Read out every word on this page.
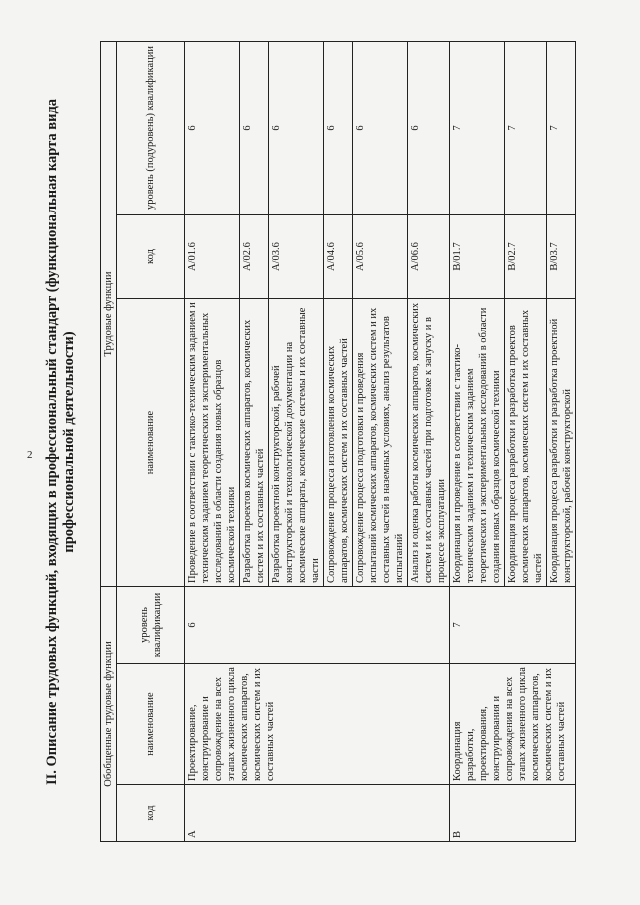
2 II. Описание трудовых функций, входящих в профессиональный стандарт (функциональная карта вида профессиональной деятельности)
Обобщенные трудовые функции			Трудовые функции		
код	наименование	уровень квалификации	наименование	код	уровень (подуровень) квалификации
А	Проектирование, конструирование и сопровождение на всех этапах жизненного цикла космических аппаратов, космических систем и их составных частей	6	Проведение в соответствии с тактико-техническим заданием и техническим заданием теоретических и экспериментальных исследований в области создания новых образцов космической техники	A/01.6	6
			Разработка проектов космических аппаратов, космических систем и их составных частей	A/02.6	6
			Разработка проектной конструкторской, рабочей конструкторской и технологической документации на космические аппараты, космические системы и их составные части	A/03.6	6
			Сопровождение процесса изготовления космических аппаратов, космических систем и их составных частей	A/04.6	6
			Сопровождение процесса подготовки и проведения испытаний космических аппаратов, космических систем и их составных частей в наземных условиях, анализ результатов испытаний	A/05.6	6
			Анализ и оценка работы космических аппаратов, космических систем и их составных частей при подготовке к запуску и в процессе эксплуатации	A/06.6	6
B	Координация разработки, проектирования, конструирования и сопровождения на всех этапах жизненного цикла космических аппаратов, космических систем и их составных частей	7	Координация и проведение в соответствии с тактико-техническим заданием и техническим заданием теоретических и экспериментальных исследований в области создания новых образцов космической техники	B/01.7	7
			Координация процесса разработки и разработка проектов космических аппаратов, космических систем и их составных частей	B/02.7	7
			Координация процесса разработки и разработка проектной конструкторской, рабочей конструкторской	B/03.7	7
